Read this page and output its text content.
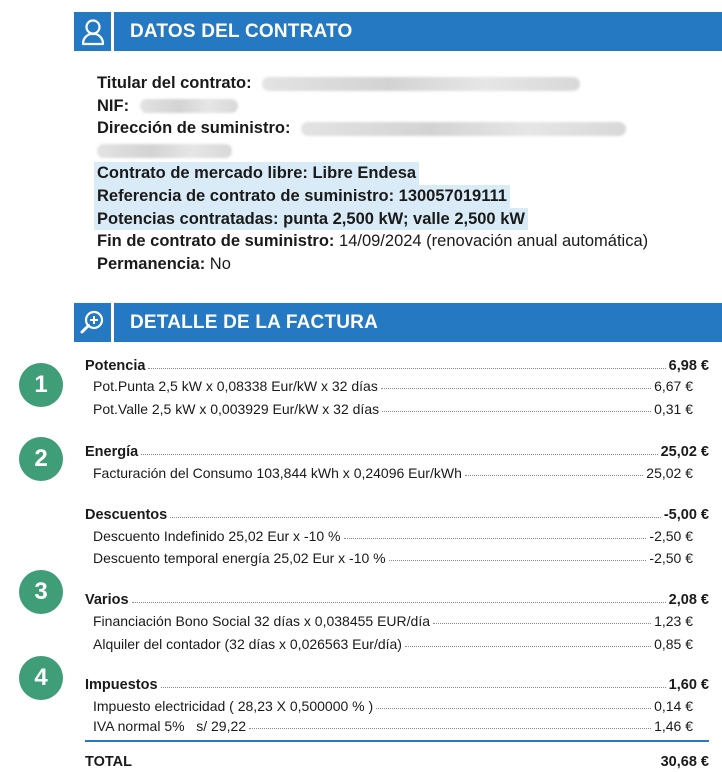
DATOS DEL CONTRATO
Titular del contrato:
NIF:
Dirección de suministro:
Contrato de mercado libre: Libre Endesa
Referencia de contrato de suministro: 130057019111
Potencias contratadas: punta 2,500 kW; valle 2,500 kW
Fin de contrato de suministro: 14/09/2024 (renovación anual automática)
Permanencia: No
DETALLE DE LA FACTURA
1
2
3
4
Potencia	6,98 €
Pot.Punta 2,5 kW x 0,08338 Eur/kW x 32 días	6,67 €
Pot.Valle 2,5 kW x 0,003929 Eur/kW x 32 días	0,31 €
Energía	25,02 €
Facturación del Consumo 103,844 kWh x 0,24096 Eur/kWh	25,02 €
Descuentos	-5,00 €
Descuento Indefinido 25,02 Eur x -10 %	-2,50 €
Descuento temporal energía 25,02 Eur x -10 %	-2,50 €
Varios	2,08 €
Financiación Bono Social 32 días x 0,038455 EUR/día	1,23 €
Alquiler del contador (32 días x 0,026563 Eur/día)	0,85 €
Impuestos	1,60 €
Impuesto electricidad ( 28,23 X 0,500000 % )	0,14 €
IVA normal 5%   s/ 29,22	1,46 €
TOTAL	30,68 €
